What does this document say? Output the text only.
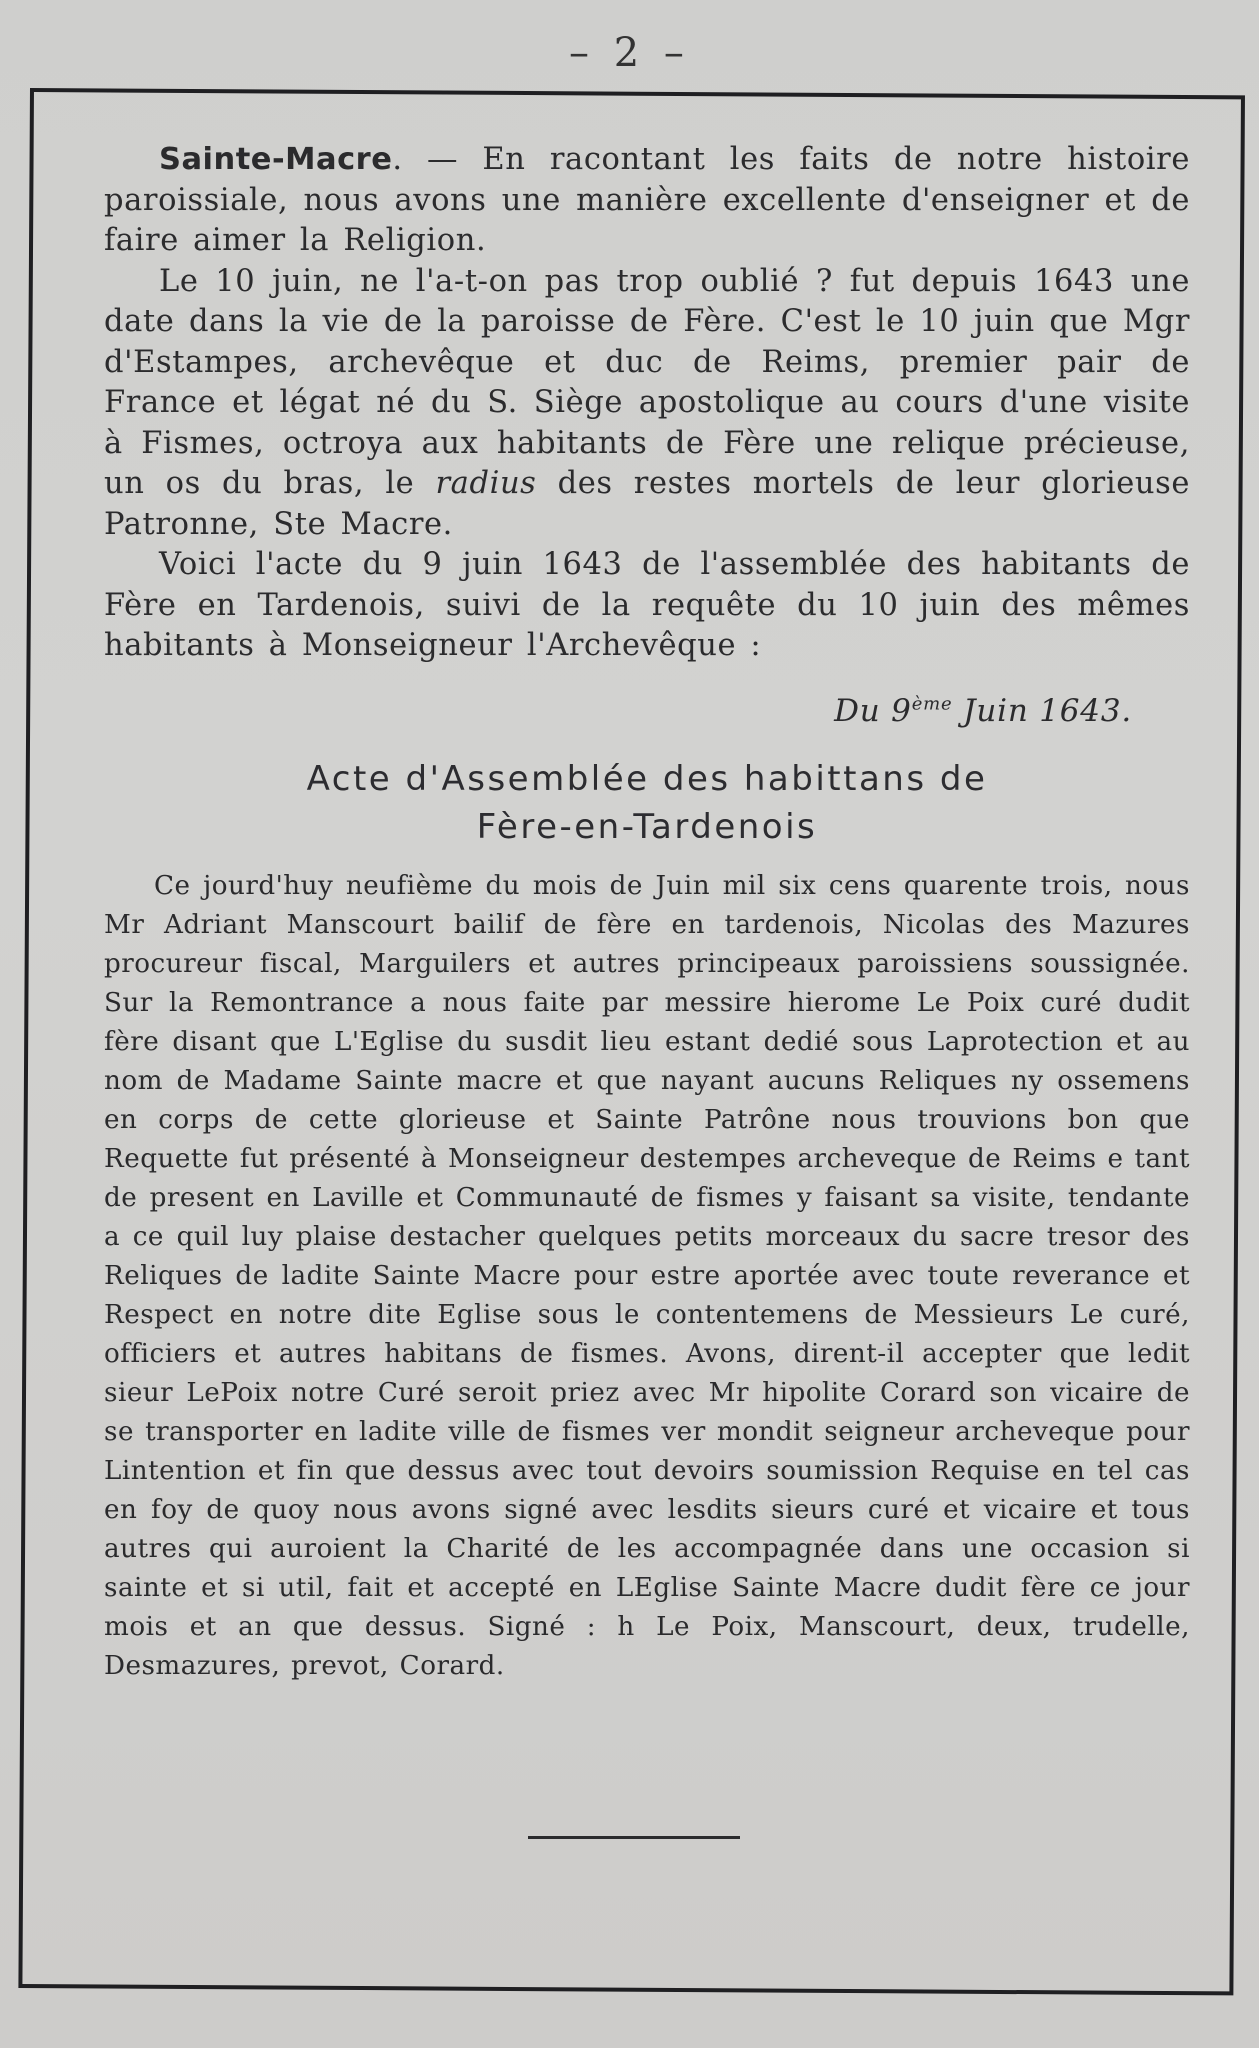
– 2 –

Sainte-Macre. — En racontant les faits de notre histoire paroissiale, nous avons une manière excellente d'enseigner et de faire aimer la Religion.

Le 10 juin, ne l'a-t-on pas trop oublié ? fut depuis 1643 une date dans la vie de la paroisse de Fère. C'est le 10 juin que Mgr d'Estampes, archevêque et duc de Reims, premier pair de France et légat né du S. Siège apostolique au cours d'une visite à Fismes, octroya aux habitants de Fère une relique précieuse, un os du bras, le radius des restes mortels de leur glorieuse Patronne, Ste Macre.

Voici l'acte du 9 juin 1643 de l'assemblée des habitants de Fère en Tardenois, suivi de la requête du 10 juin des mêmes habitants à Monseigneur l'Archevêque :

Du 9ème Juin 1643.
Acte d'Assemblée des habittans de
Fère-en-Tardenois

Ce jourd'huy neufième du mois de Juin mil six cens quarente trois, nous Mr Adriant Manscourt bailif de fère en tardenois, Nicolas des Mazures procureur fiscal, Marguilers et autres principeaux paroissiens soussignée. Sur la Remontrance a nous faite par messire hierome Le Poix curé dudit fère disant que L'Eglise du susdit lieu estant dedié sous Laprotection et au nom de Madame Sainte macre et que nayant aucuns Reliques ny ossemens en corps de cette glorieuse et Sainte Patrône nous trouvions bon que Requette fut présenté à Monseigneur destempes archeveque de Reims e tant de present en Laville et Communauté de fismes y faisant sa visite, tendante a ce quil luy plaise destacher quelques petits morceaux du sacre tresor des Reliques de ladite Sainte Macre pour estre aportée avec toute reverance et Respect en notre dite Eglise sous le contentemens de Messieurs Le curé, officiers et autres habitans de fismes. Avons, dirent-il accepter que ledit sieur LePoix notre Curé seroit priez avec Mr hipolite Corard son vicaire de se transporter en ladite ville de fismes ver mondit seigneur archeveque pour Lintention et fin que dessus avec tout devoirs soumission Requise en tel cas en foy de quoy nous avons signé avec lesdits sieurs curé et vicaire et tous autres qui auroient la Charité de les accompagnée dans une occasion si sainte et si util, fait et accepté en LEglise Sainte Macre dudit fère ce jour mois et an que dessus. Signé : h Le Poix, Manscourt, deux, trudelle, Desmazures, prevot, Corard.
